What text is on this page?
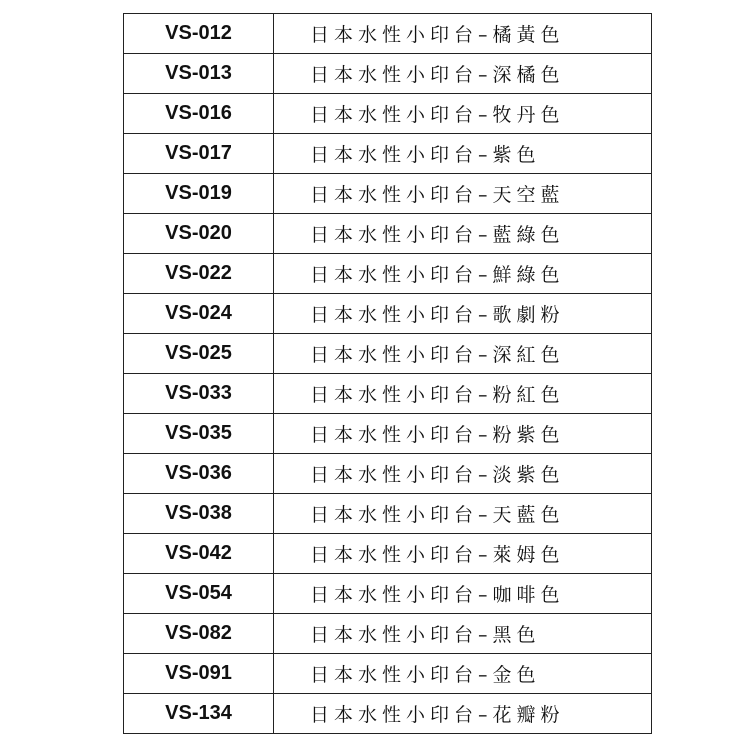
VS-012	日本水性小印台–橘黃色
VS-013	日本水性小印台–深橘色
VS-016	日本水性小印台–牧丹色
VS-017	日本水性小印台–紫色
VS-019	日本水性小印台–天空藍
VS-020	日本水性小印台–藍綠色
VS-022	日本水性小印台–鮮綠色
VS-024	日本水性小印台–歌劇粉
VS-025	日本水性小印台–深紅色
VS-033	日本水性小印台–粉紅色
VS-035	日本水性小印台–粉紫色
VS-036	日本水性小印台–淡紫色
VS-038	日本水性小印台–天藍色
VS-042	日本水性小印台–萊姆色
VS-054	日本水性小印台–咖啡色
VS-082	日本水性小印台–黑色
VS-091	日本水性小印台–金色
VS-134	日本水性小印台–花瓣粉
